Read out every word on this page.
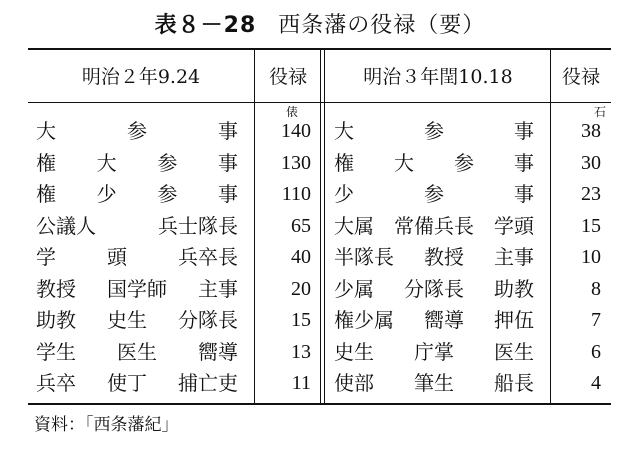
表８－28 西条藩の役禄（要）
明治２年9.24	役禄	明治３年閏10.18	役禄
俵	石
大	参	事	140 大	参	事	38
権 大 参 事	130 権 大 参 事	30
権 少 参 事	110 少	参	事	23
公議人	兵士隊長	65 大属 常備兵長 学頭	15
学	頭	兵卒長	40 半隊長 教授 主事	10
教授 国学師 主事	20 少属 分隊長 助教	8
助教 史生 分隊長	15 権少属 嚮導 押伍	7
学生 医生 嚮導	13 史生 庁掌 医生	6
兵卒 使丁 捕亡吏	11 使部 筆生 船長	4
資料：「西条藩紀」
